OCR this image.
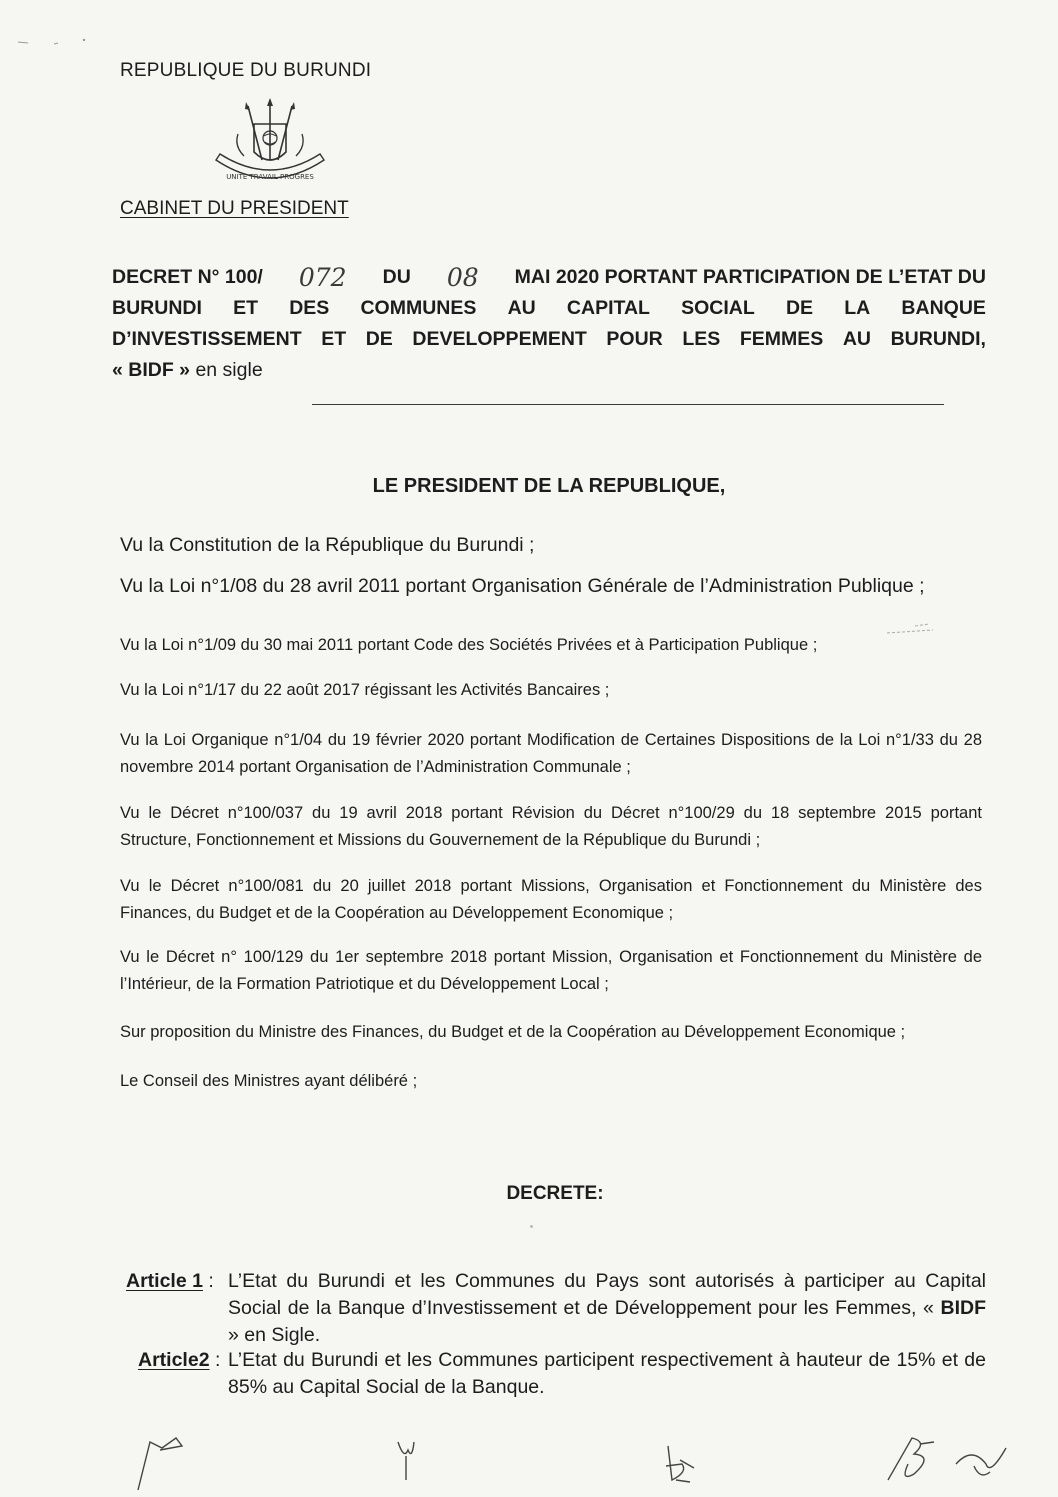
REPUBLIQUE DU BURUNDI
UNITE TRAVAIL PROGRES
CABINET DU PRESIDENT
DECRET N° 100/ 072 DU 08 MAI 2020 PORTANT PARTICIPATION DE L’ETAT DU
BURUNDI ET DES COMMUNES AU CAPITAL SOCIAL DE LA BANQUE
D’INVESTISSEMENT ET DE DEVELOPPEMENT POUR LES FEMMES AU BURUNDI,
« BIDF » en sigle
LE PRESIDENT DE LA REPUBLIQUE,
Vu la Constitution de la République du Burundi ;
Vu la Loi n°1/08 du 28 avril 2011 portant Organisation Générale de l’Administration Publique ;
Vu la Loi n°1/09 du 30 mai 2011 portant Code des Sociétés Privées et à Participation Publique ;
Vu la Loi n°1/17 du 22 août 2017 régissant les Activités Bancaires ;
Vu la Loi Organique n°1/04 du 19 février 2020 portant Modification de Certaines Dispositions de la Loi n°1/33 du 28 novembre 2014 portant Organisation de l’Administration Communale ;
Vu le Décret n°100/037 du 19 avril 2018 portant Révision du Décret n°100/29 du 18 septembre 2015 portant Structure, Fonctionnement et Missions du Gouvernement de la République du Burundi ;
Vu le Décret n°100/081 du 20 juillet 2018 portant Missions, Organisation et Fonctionnement du Ministère des Finances, du Budget et de la Coopération au Développement Economique ;
Vu le Décret n° 100/129 du 1er septembre 2018 portant Mission, Organisation et Fonctionnement du Ministère de l’Intérieur, de la Formation Patriotique et du Développement Local ;
Sur proposition du Ministre des Finances, du Budget et de la Coopération au Développement Economique ;
Le Conseil des Ministres ayant délibéré ;
DECRETE:
Article 1 : L’Etat du Burundi et les Communes du Pays sont autorisés à participer au Capital Social de la Banque d’Investissement et de Développement pour les Femmes, « BIDF » en Sigle.
Article2 : L’Etat du Burundi et les Communes participent respectivement à hauteur de 15% et de 85% au Capital Social de la Banque.
